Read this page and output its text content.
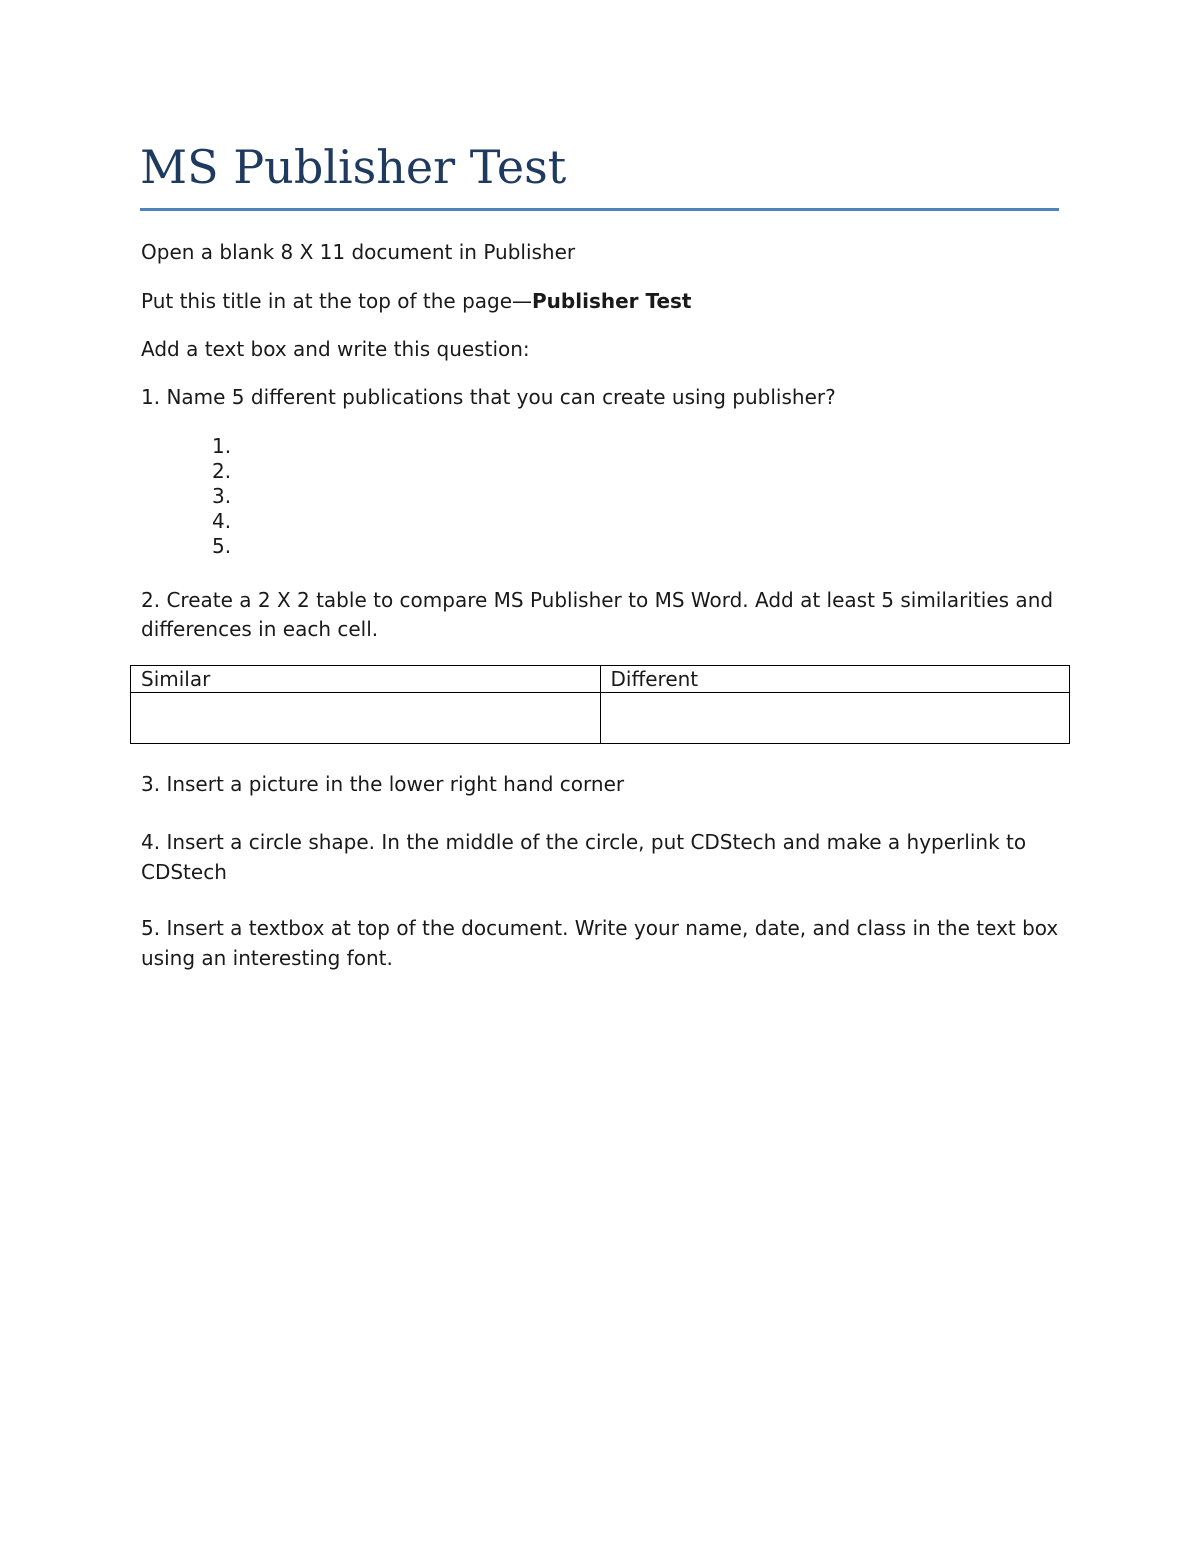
MS Publisher Test

Open a blank 8 X 11 document in Publisher

Put this title in at the top of the page—Publisher Test

Add a text box and write this question:

1. Name 5 different publications that you can create using publisher?

1.
2.
3.
4.
5.

2. Create a 2 X 2 table to compare MS Publisher to MS Word. Add at least 5 similarities and differences in each cell.

Similar	Different

3. Insert a picture in the lower right hand corner

4. Insert a circle shape. In the middle of the circle, put CDStech and make a hyperlink to CDStech

5. Insert a textbox at top of the document. Write your name, date, and class in the text box using an interesting font.
